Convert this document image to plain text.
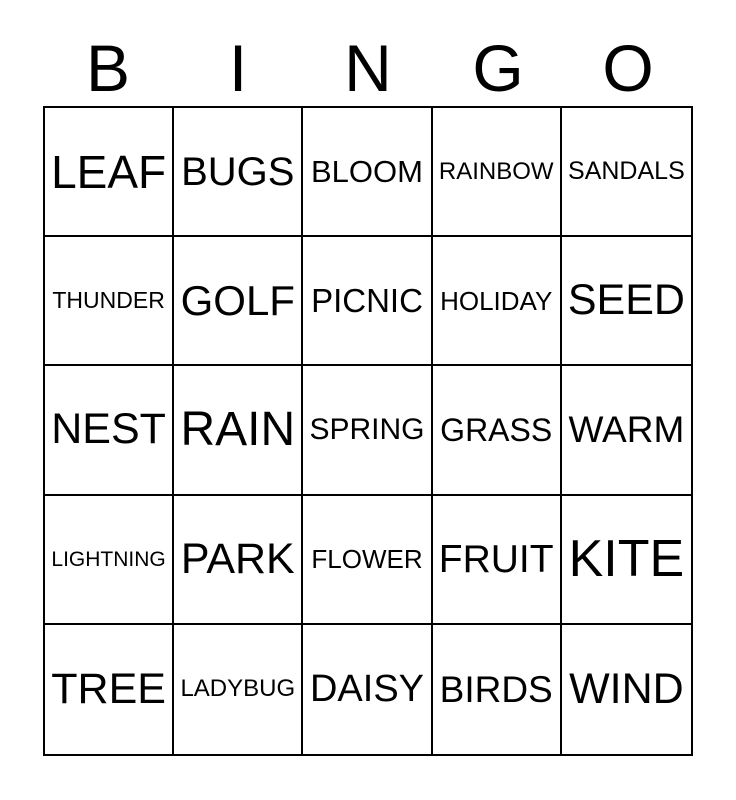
B	I	N	G	O
LEAF BUGS BLOOM RAINBOW SANDALS
THUNDER GOLF PICNIC HOLIDAY SEED
NEST RAIN SPRING GRASS WARM
LIGHTNING PARK FLOWER FRUIT KITE
TREE LADYBUG DAISY BIRDS WIND
